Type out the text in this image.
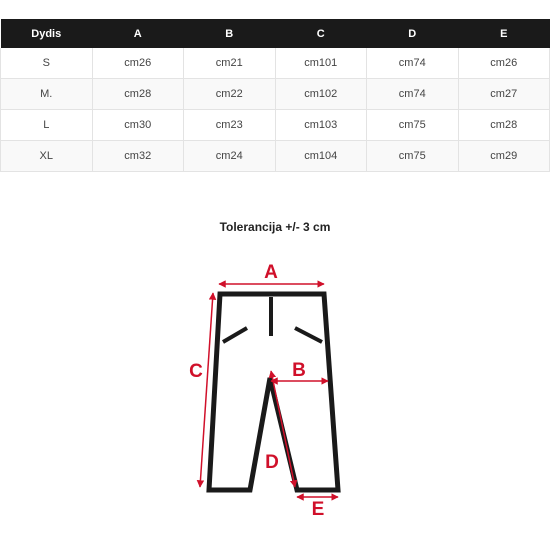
Dydis	A	B	C	D	E
S	cm26	cm21	cm101	cm74	cm26
M.	cm28	cm22	cm102	cm74	cm27
L	cm30	cm23	cm103	cm75	cm28
XL	cm32	cm24	cm104	cm75	cm29
Tolerancija +/- 3 cm
A
B
C
D
E
